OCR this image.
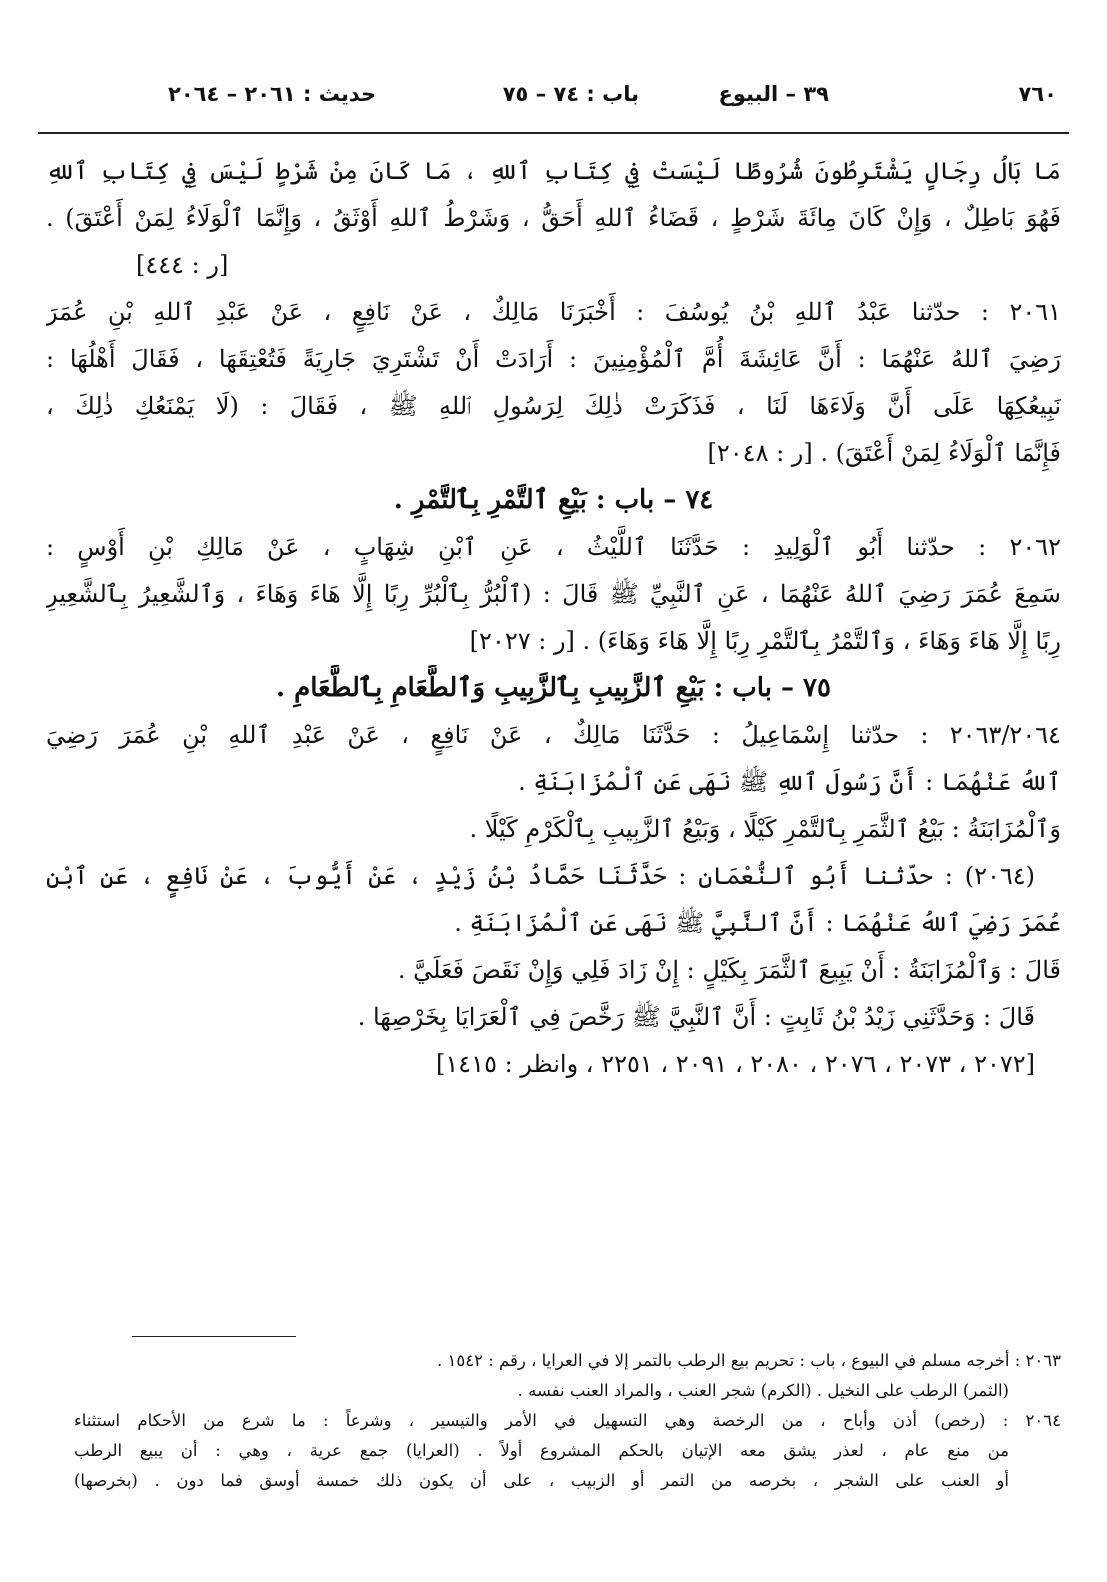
٧٦٠
٣٩ – البيوع
باب : ٧٤ – ٧٥
حديث : ٢٠٦١ – ٢٠٦٤
مَا بَالُ رِجَالٍ يَشْتَرِطُونَ شُرُوطًا لَيْسَتْ فِي كِتَابِ ٱللهِ ، مَا كَانَ مِنْ شَرْطٍ لَيْسَ فِي كِتَابِ ٱللهِ
فَهُوَ بَاطِلٌ ، وَإِنْ كَانَ مِائَةَ شَرْطٍ ، قَضَاءُ ٱللهِ أَحَقُّ ، وَشَرْطُ ٱللهِ أَوْثَقُ ، وَإِنَّمَا ٱلْوَلَاءُ لِمَنْ أَعْتَقَ) .
[ر : ٤٤٤]
٢٠٦١ : حدّثنا عَبْدُ ٱللهِ بْنُ يُوسُفَ : أَخْبَرَنَا مَالِكٌ ، عَنْ نَافِعٍ ، عَنْ عَبْدِ ٱللهِ بْنِ عُمَرَ
رَضِيَ ٱللهُ عَنْهُمَا : أَنَّ عَائِشَةَ أُمَّ ٱلْمُؤْمِنِينَ : أَرَادَتْ أَنْ تَشْتَرِيَ جَارِيَةً فَتُعْتِقَهَا ، فَقَالَ أَهْلُهَا :
نَبِيعُكِهَا عَلَى أَنَّ وَلَاءَهَا لَنَا ، فَذَكَرَتْ ذٰلِكَ لِرَسُولِ ٱللهِ ﷺ ، فَقَالَ : (لَا يَمْنَعُكِ ذٰلِكَ ،
فَإِنَّمَا ٱلْوَلَاءُ لِمَنْ أَعْتَقَ) . [ر : ٢٠٤٨]
٧٤ – باب : بَيْعِ ٱلتَّمْرِ بِٱلتَّمْرِ .
٢٠٦٢ : حدّثنا أَبُو ٱلْوَلِيدِ : حَدَّثَنَا ٱللَّيْثُ ، عَنِ ٱبْنِ شِهَابٍ ، عَنْ مَالِكِ بْنِ أَوْسٍ :
سَمِعَ عُمَرَ رَضِيَ ٱللهُ عَنْهُمَا ، عَنِ ٱلنَّبِيِّ ﷺ قَالَ : (ٱلْبُرُّ بِٱلْبُرِّ رِبًا إِلَّا هَاءَ وَهَاءَ ، وَٱلشَّعِيرُ بِٱلشَّعِيرِ
رِبًا إِلَّا هَاءَ وَهَاءَ ، وَٱلتَّمْرُ بِٱلتَّمْرِ رِبًا إِلَّا هَاءَ وَهَاءَ) . [ر : ٢٠٢٧]
٧٥ – باب : بَيْعِ ٱلزَّبِيبِ بِٱلزَّبِيبِ وَٱلطَّعَامِ بِٱلطَّعَامِ .
٢٠٦٣/٢٠٦٤ : حدّثنا إِسْمَاعِيلُ : حَدَّثَنَا مَالِكٌ ، عَنْ نَافِعٍ ، عَنْ عَبْدِ ٱللهِ بْنِ عُمَرَ رَضِيَ
ٱللهُ عَنْهُمَا : أَنَّ رَسُولَ ٱللهِ ﷺ نَهَى عَنِ ٱلْمُزَابَنَةِ .
وَٱلْمُزَابَنَةُ : بَيْعُ ٱلثَّمَرِ بِٱلتَّمْرِ كَيْلًا ، وَبَيْعُ ٱلزَّبِيبِ بِٱلْكَرْمِ كَيْلًا .
(٢٠٦٤) : حدّثنا أَبُو ٱلنُّعْمَانِ : حَدَّثَنَا حَمَّادُ بْنُ زَيْدٍ ، عَنْ أَيُّوبَ ، عَنْ نَافِعٍ ، عَنِ ٱبْنِ
عُمَرَ رَضِيَ ٱللهُ عَنْهُمَا : أَنَّ ٱلنَّبِيَّ ﷺ نَهَى عَنِ ٱلْمُزَابَنَةِ .
قَالَ : وَٱلْمُزَابَنَةُ : أَنْ يَبِيعَ ٱلثَّمَرَ بِكَيْلٍ : إِنْ زَادَ فَلِي وَإِنْ نَقَصَ فَعَلَيَّ .
قَالَ : وَحَدَّثَنِي زَيْدُ بْنُ ثَابِتٍ : أَنَّ ٱلنَّبِيَّ ﷺ رَخَّصَ فِي ٱلْعَرَايَا بِخَرْصِهَا .
[٢٠٧٢ ، ٢٠٧٣ ، ٢٠٧٦ ، ٢٠٨٠ ، ٢٠٩١ ، ٢٢٥١ ، وانظر : ١٤١٥]
٢٠٦٣ : أخرجه مسلم في البيوع ، باب : تحريم بيع الرطب بالتمر إلا في العرايا ، رقم : ١٥٤٢ .
(الثمر) الرطب على النخيل . (الكرم) شجر العنب ، والمراد العنب نفسه .
٢٠٦٤ : (رخص) أذن وأباح ، من الرخصة وهي التسهيل في الأمر والتيسير ، وشرعاً : ما شرع من الأحكام استثناء
من منع عام ، لعذر يشق معه الإتيان بالحكم المشروع أولاً . (العرايا) جمع عرية ، وهي : أن يبيع الرطب
أو العنب على الشجر ، بخرصه من التمر أو الزبيب ، على أن يكون ذلك خمسة أوسق فما دون . (بخرصها)
